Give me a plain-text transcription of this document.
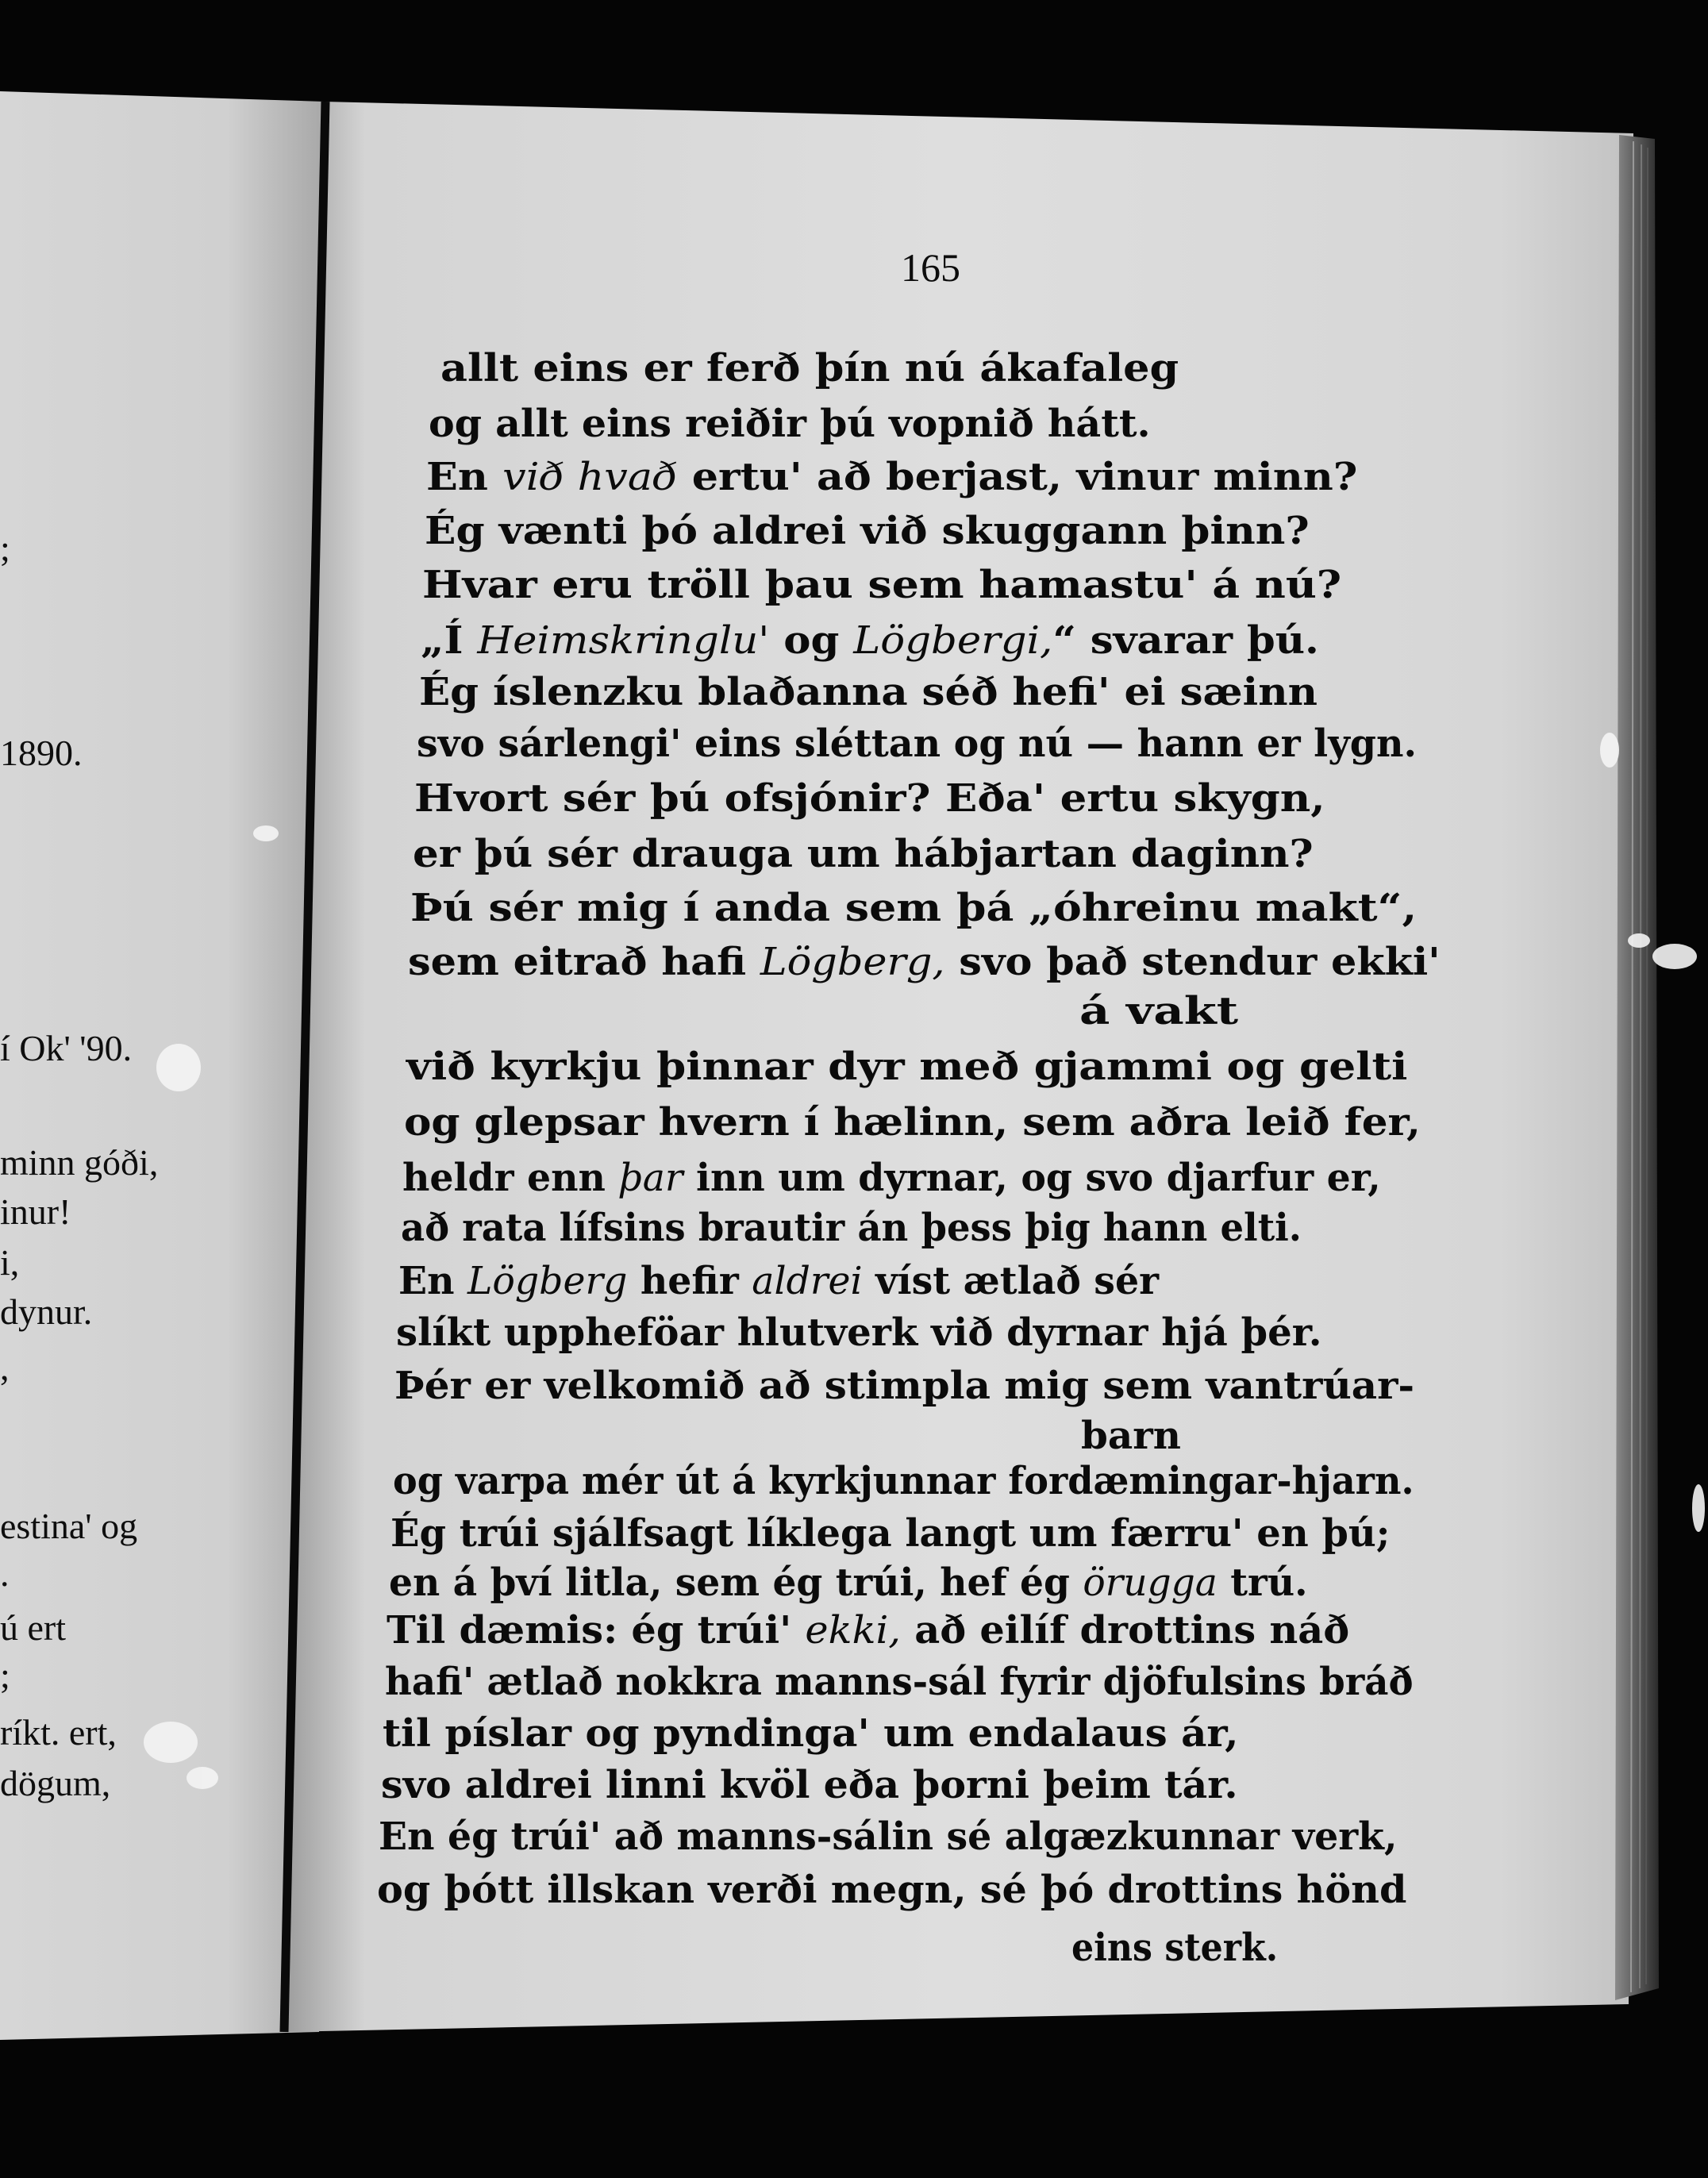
;

1890.

í Ok' '90.

minn góði,

inur!

i,

dynur.

,

estina' og

.

ú ert

;

ríkt. ert,

dögum,

165

allt eins er ferð þín nú ákafaleg

og allt eins reiðir þú vopnið hátt.

En við hvað ertu' að berjast, vinur minn?

Ég vænti þó aldrei við skuggann þinn?

Hvar eru tröll þau sem hamastu' á nú?

„Í Heimskringlu' og Lögbergi,“ svarar þú.

Ég íslenzku blaðanna séð hefi' ei sæinn

svo sárlengi' eins sléttan og nú — hann er lygn.

Hvort sér þú ofsjónir? Eða' ertu skygn,

er þú sér drauga um hábjartan daginn?

Þú sér mig í anda sem þá „óhreinu makt“,

sem eitrað hafi Lögberg, svo það stendur ekki'

á vakt

við kyrkju þinnar dyr með gjammi og gelti

og glepsar hvern í hælinn, sem aðra leið fer,

heldr enn þar inn um dyrnar, og svo djarfur er,

að rata lífsins brautir án þess þig hann elti.

En Lögberg hefir aldrei víst ætlað sér

slíkt uppheföar hlutverk við dyrnar hjá þér.

Þér er velkomið að stimpla mig sem vantrúar-

barn

og varpa mér út á kyrkjunnar fordæmingar-hjarn.

Ég trúi sjálfsagt líklega langt um færru' en þú;

en á því litla, sem ég trúi, hef ég örugga trú.

Til dæmis: ég trúi' ekki, að eilíf drottins náð

hafi' ætlað nokkra manns-sál fyrir djöfulsins bráð

til píslar og pyndinga' um endalaus ár,

svo aldrei linni kvöl eða þorni þeim tár.

En ég trúi' að manns-sálin sé algæzkunnar verk,

og þótt illskan verði megn, sé þó drottins hönd

eins sterk.
